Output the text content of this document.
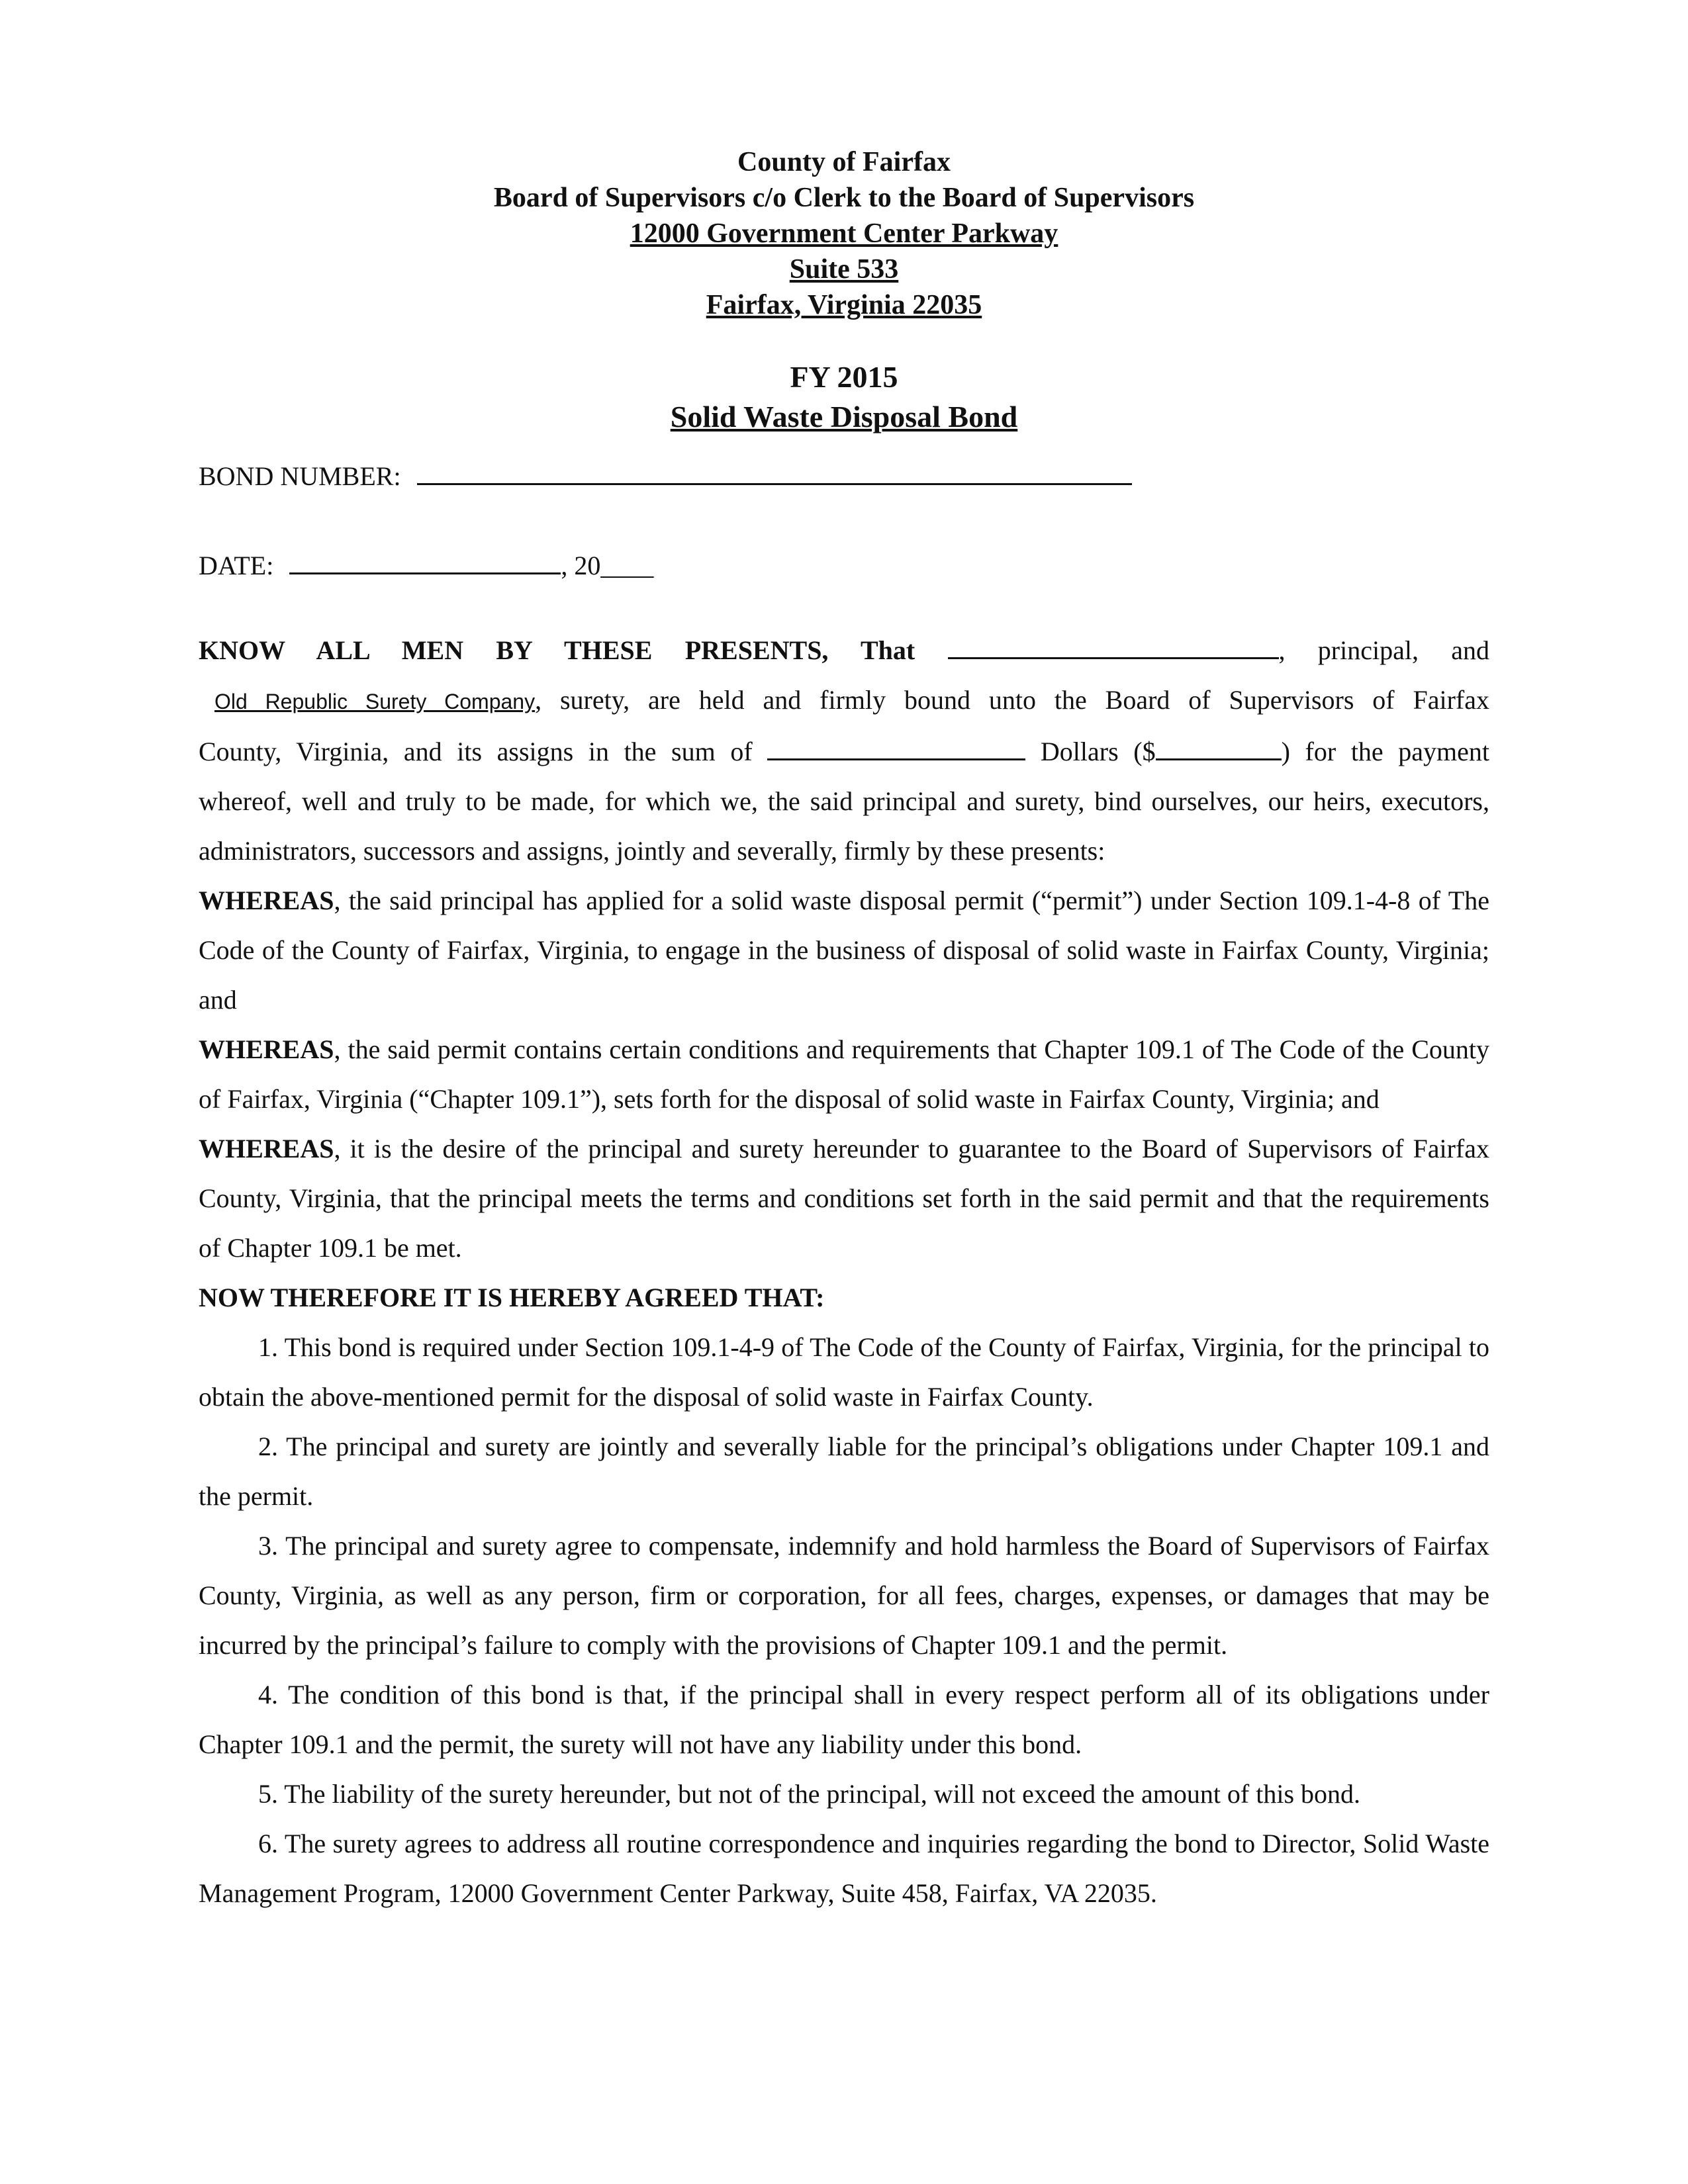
County of Fairfax
Board of Supervisors c/o Clerk to the Board of Supervisors
12000 Government Center Parkway
Suite 533
Fairfax, Virginia 22035
FY 2015
Solid Waste Disposal Bond
BOND NUMBER:
DATE:	, 20____

KNOW ALL MEN BY THESE PRESENTS, That	, principal, and

Old Republic Surety Company, surety, are held and firmly bound unto the Board of Supervisors of Fairfax

County, Virginia, and its assigns in the sum of	Dollars ($	) for the payment

whereof, well and truly to be made, for which we, the said principal and surety, bind ourselves, our heirs, executors, administrators, successors and assigns, jointly and severally, firmly by these presents:

WHEREAS, the said principal has applied for a solid waste disposal permit (“permit”) under Section 109.1-4-8 of The Code of the County of Fairfax, Virginia, to engage in the business of disposal of solid waste in Fairfax County, Virginia; and

WHEREAS, the said permit contains certain conditions and requirements that Chapter 109.1 of The Code of the County of Fairfax, Virginia (“Chapter 109.1”), sets forth for the disposal of solid waste in Fairfax County, Virginia; and

WHEREAS, it is the desire of the principal and surety hereunder to guarantee to the Board of Supervisors of Fairfax County, Virginia, that the principal meets the terms and conditions set forth in the said permit and that the requirements of Chapter 109.1 be met.

NOW THEREFORE IT IS HEREBY AGREED THAT:

1. This bond is required under Section 109.1-4-9 of The Code of the County of Fairfax, Virginia, for the principal to obtain the above-mentioned permit for the disposal of solid waste in Fairfax County.

2. The principal and surety are jointly and severally liable for the principal’s obligations under Chapter 109.1 and the permit.

3. The principal and surety agree to compensate, indemnify and hold harmless the Board of Supervisors of Fairfax County, Virginia, as well as any person, firm or corporation, for all fees, charges, expenses, or damages that may be incurred by the principal’s failure to comply with the provisions of Chapter 109.1 and the permit.

4. The condition of this bond is that, if the principal shall in every respect perform all of its obligations under Chapter 109.1 and the permit, the surety will not have any liability under this bond.

5. The liability of the surety hereunder, but not of the principal, will not exceed the amount of this bond.

6. The surety agrees to address all routine correspondence and inquiries regarding the bond to Director, Solid Waste Management Program, 12000 Government Center Parkway, Suite 458, Fairfax, VA 22035.
